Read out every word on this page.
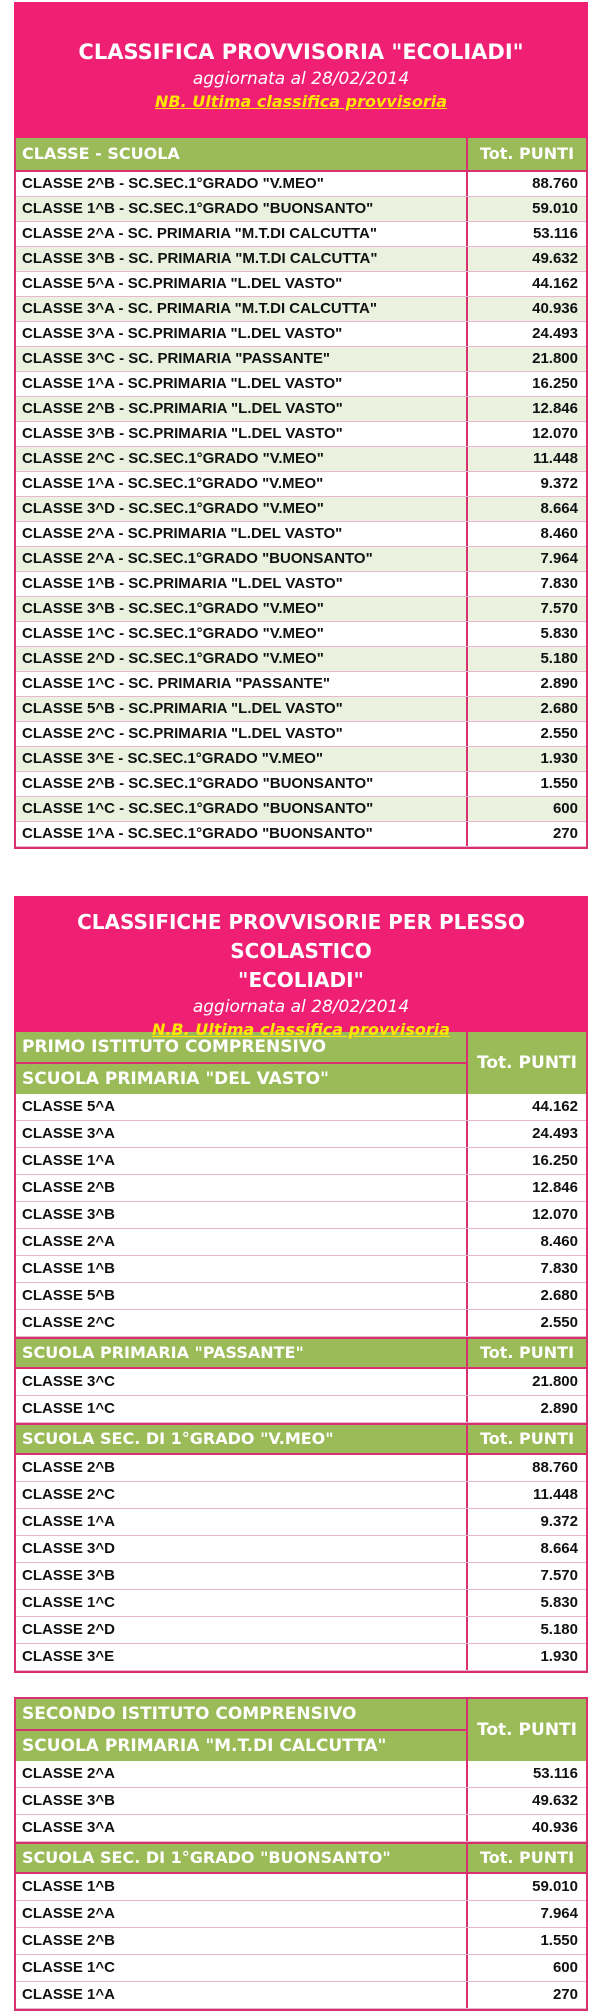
CLASSIFICA PROVVISORIA "ECOLIADI"
aggiornata al 28/02/2014
NB. Ultima classifica provvisoria
CLASSE - SCUOLA	Tot. PUNTI
CLASSE 2^B - SC.SEC.1°GRADO "V.MEO"	88.760
CLASSE 1^B - SC.SEC.1°GRADO "BUONSANTO"	59.010
CLASSE 2^A - SC. PRIMARIA "M.T.DI CALCUTTA"	53.116
CLASSE 3^B - SC. PRIMARIA "M.T.DI CALCUTTA"	49.632
CLASSE 5^A - SC.PRIMARIA "L.DEL VASTO"	44.162
CLASSE 3^A - SC. PRIMARIA "M.T.DI CALCUTTA"	40.936
CLASSE 3^A - SC.PRIMARIA "L.DEL VASTO"	24.493
CLASSE 3^C - SC. PRIMARIA "PASSANTE"	21.800
CLASSE 1^A - SC.PRIMARIA "L.DEL VASTO"	16.250
CLASSE 2^B - SC.PRIMARIA "L.DEL VASTO"	12.846
CLASSE 3^B - SC.PRIMARIA "L.DEL VASTO"	12.070
CLASSE 2^C - SC.SEC.1°GRADO "V.MEO"	11.448
CLASSE 1^A - SC.SEC.1°GRADO "V.MEO"	9.372
CLASSE 3^D - SC.SEC.1°GRADO "V.MEO"	8.664
CLASSE 2^A - SC.PRIMARIA "L.DEL VASTO"	8.460
CLASSE 2^A - SC.SEC.1°GRADO "BUONSANTO"	7.964
CLASSE 1^B - SC.PRIMARIA "L.DEL VASTO"	7.830
CLASSE 3^B - SC.SEC.1°GRADO "V.MEO"	7.570
CLASSE 1^C - SC.SEC.1°GRADO "V.MEO"	5.830
CLASSE 2^D - SC.SEC.1°GRADO "V.MEO"	5.180
CLASSE 1^C - SC. PRIMARIA "PASSANTE"	2.890
CLASSE 5^B - SC.PRIMARIA "L.DEL VASTO"	2.680
CLASSE 2^C - SC.PRIMARIA "L.DEL VASTO"	2.550
CLASSE 3^E - SC.SEC.1°GRADO "V.MEO"	1.930
CLASSE 2^B - SC.SEC.1°GRADO "BUONSANTO"	1.550
CLASSE 1^C - SC.SEC.1°GRADO "BUONSANTO"	600
CLASSE 1^A - SC.SEC.1°GRADO "BUONSANTO"	270
CLASSIFICHE PROVVISORIE PER PLESSO SCOLASTICO
"ECOLIADI"
aggiornata al 28/02/2014
N.B. Ultima classifica provvisoria
PRIMO ISTITUTO COMPRENSIVO
SCUOLA PRIMARIA "DEL VASTO"
Tot. PUNTI
CLASSE 5^A	44.162
CLASSE 3^A	24.493
CLASSE 1^A	16.250
CLASSE 2^B	12.846
CLASSE 3^B	12.070
CLASSE 2^A	8.460
CLASSE 1^B	7.830
CLASSE 5^B	2.680
CLASSE 2^C	2.550
SCUOLA PRIMARIA "PASSANTE"	Tot. PUNTI
CLASSE 3^C	21.800
CLASSE 1^C	2.890
SCUOLA SEC. DI 1°GRADO "V.MEO"	Tot. PUNTI
CLASSE 2^B	88.760
CLASSE 2^C	11.448
CLASSE 1^A	9.372
CLASSE 3^D	8.664
CLASSE 3^B	7.570
CLASSE 1^C	5.830
CLASSE 2^D	5.180
CLASSE 3^E	1.930
SECONDO ISTITUTO COMPRENSIVO
SCUOLA PRIMARIA "M.T.DI CALCUTTA"
Tot. PUNTI
CLASSE 2^A	53.116
CLASSE 3^B	49.632
CLASSE 3^A	40.936
SCUOLA SEC. DI 1°GRADO "BUONSANTO"	Tot. PUNTI
CLASSE 1^B	59.010
CLASSE 2^A	7.964
CLASSE 2^B	1.550
CLASSE 1^C	600
CLASSE 1^A	270
